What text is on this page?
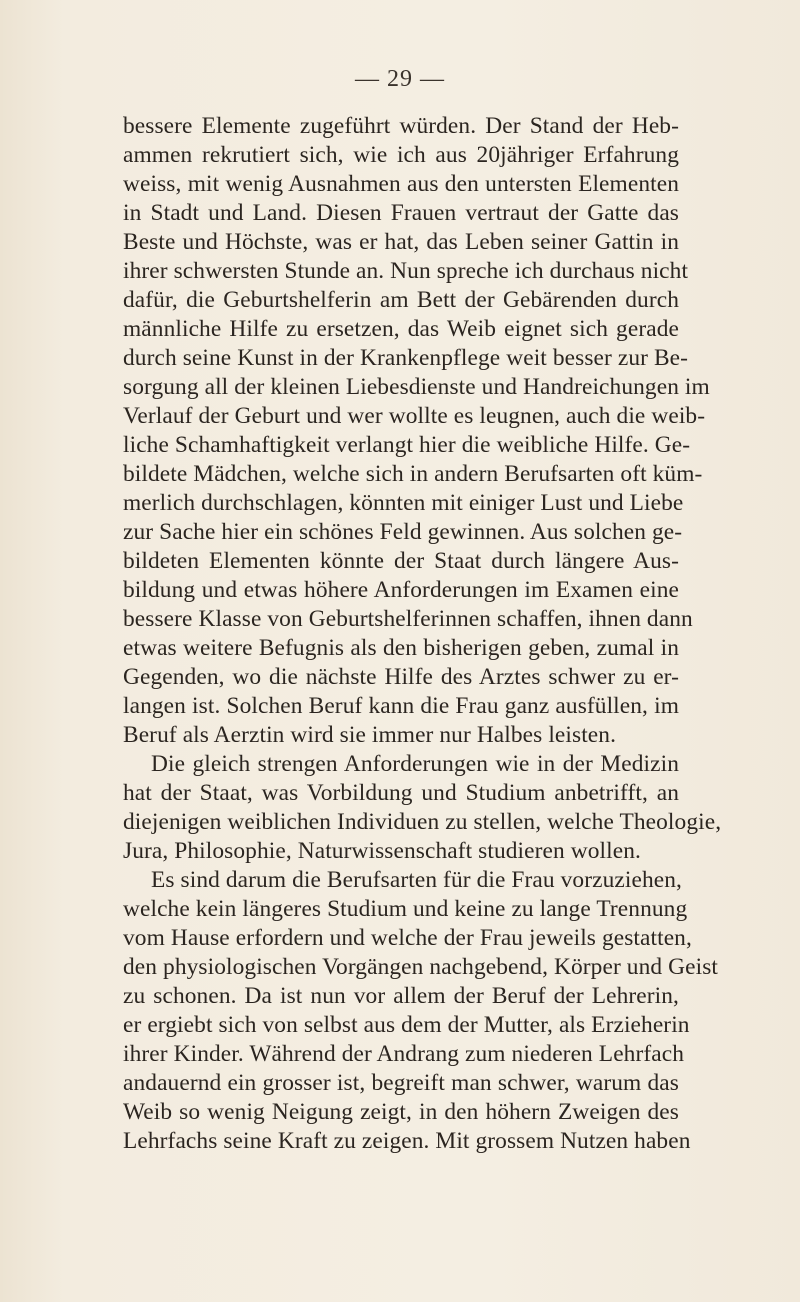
— 29 —
bessere Elemente zugeführt würden. Der Stand der Heb-
ammen rekrutiert sich, wie ich aus 20jähriger Erfahrung
weiss, mit wenig Ausnahmen aus den untersten Elementen
in Stadt und Land. Diesen Frauen vertraut der Gatte das
Beste und Höchste, was er hat, das Leben seiner Gattin in
ihrer schwersten Stunde an. Nun spreche ich durchaus nicht
dafür, die Geburtshelferin am Bett der Gebärenden durch
männliche Hilfe zu ersetzen, das Weib eignet sich gerade
durch seine Kunst in der Krankenpflege weit besser zur Be-
sorgung all der kleinen Liebesdienste und Handreichungen im
Verlauf der Geburt und wer wollte es leugnen, auch die weib-
liche Schamhaftigkeit verlangt hier die weibliche Hilfe. Ge-
bildete Mädchen, welche sich in andern Berufsarten oft küm-
merlich durchschlagen, könnten mit einiger Lust und Liebe
zur Sache hier ein schönes Feld gewinnen. Aus solchen ge-
bildeten Elementen könnte der Staat durch längere Aus-
bildung und etwas höhere Anforderungen im Examen eine
bessere Klasse von Geburtshelferinnen schaffen, ihnen dann
etwas weitere Befugnis als den bisherigen geben, zumal in
Gegenden, wo die nächste Hilfe des Arztes schwer zu er-
langen ist. Solchen Beruf kann die Frau ganz ausfüllen, im
Beruf als Aerztin wird sie immer nur Halbes leisten.
Die gleich strengen Anforderungen wie in der Medizin
hat der Staat, was Vorbildung und Studium anbetrifft, an
diejenigen weiblichen Individuen zu stellen, welche Theologie,
Jura, Philosophie, Naturwissenschaft studieren wollen.
Es sind darum die Berufsarten für die Frau vorzuziehen,
welche kein längeres Studium und keine zu lange Trennung
vom Hause erfordern und welche der Frau jeweils gestatten,
den physiologischen Vorgängen nachgebend, Körper und Geist
zu schonen. Da ist nun vor allem der Beruf der Lehrerin,
er ergiebt sich von selbst aus dem der Mutter, als Erzieherin
ihrer Kinder. Während der Andrang zum niederen Lehrfach
andauernd ein grosser ist, begreift man schwer, warum das
Weib so wenig Neigung zeigt, in den höhern Zweigen des
Lehrfachs seine Kraft zu zeigen. Mit grossem Nutzen haben
